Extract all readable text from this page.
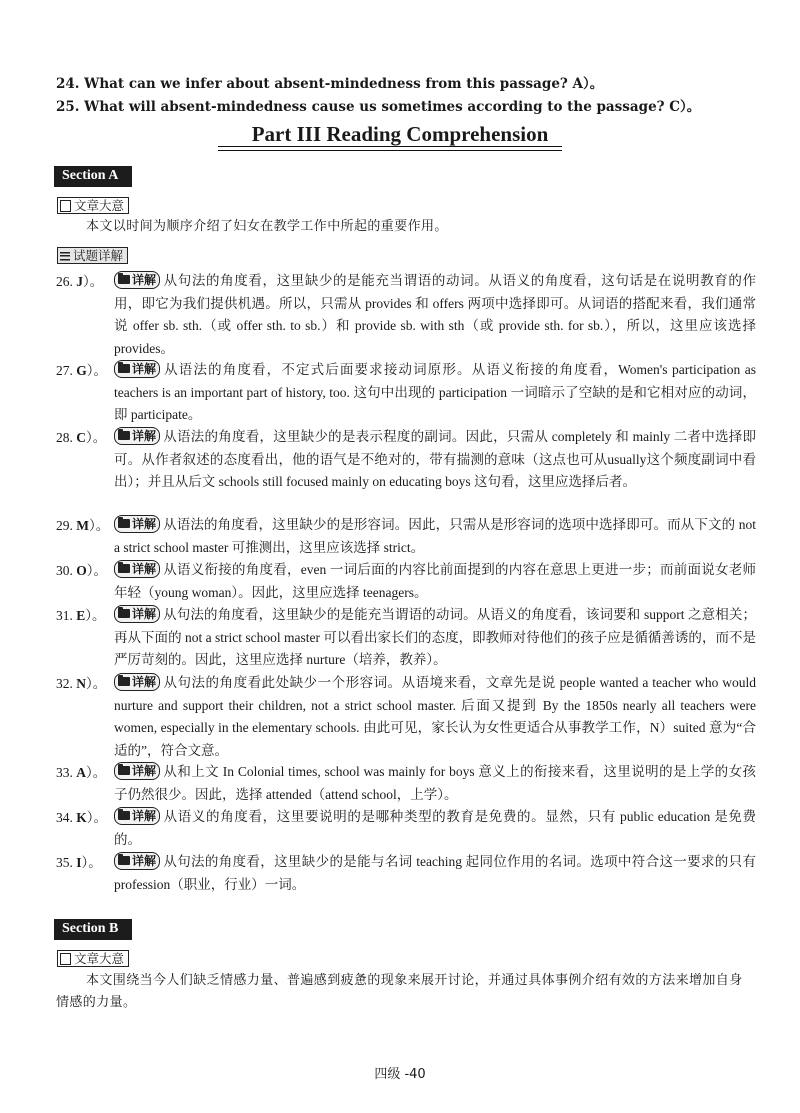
24. What can we infer about absent-mindedness from this passage? A）。
25. What will absent-mindedness cause us sometimes according to the passage? C）。
Part III Reading Comprehension
Section A
文章大意
本文以时间为顺序介绍了妇女在教学工作中所起的重要作用。
试题详解
26. J）。 详解 从句法的角度看，这里缺少的是能充当谓语的动词。从语义的角度看，这句话是在说明教育的作用，即它为我们提供机遇。所以，只需从 provides 和 offers 两项中选择即可。从词语的搭配来看，我们通常说 offer sb. sth.（或 offer sth. to sb.）和 provide sb. with sth（或 provide sth. for sb.），所以，这里应该选择 provides。
27. G）。 详解 从语法的角度看，不定式后面要求接动词原形。从语义衔接的角度看，Women's participation as teachers is an important part of history, too. 这句中出现的 participation 一词暗示了空缺的是和它相对应的动词，即 participate。
28. C）。 详解 从语法的角度看，这里缺少的是表示程度的副词。因此，只需从 completely 和 mainly 二者中选择即可。从作者叙述的态度看出，他的语气是不绝对的，带有揣测的意味（这点也可从usually这个频度副词中看出）；并且从后文 schools still focused mainly on educating boys 这句看，这里应选择后者。
29. M）。 详解 从语法的角度看，这里缺少的是形容词。因此，只需从是形容词的选项中选择即可。而从下文的 not a strict school master 可推测出，这里应该选择 strict。
30. O）。 详解 从语义衔接的角度看，even 一词后面的内容比前面提到的内容在意思上更进一步；而前面说女老师年轻（young woman）。因此，这里应选择 teenagers。
31. E）。 详解 从句法的角度看，这里缺少的是能充当谓语的动词。从语义的角度看，该词要和 support 之意相关；再从下面的 not a strict school master 可以看出家长们的态度，即教师对待他们的孩子应是循循善诱的，而不是严厉苛刻的。因此，这里应选择 nurture（培养，教养）。
32. N）。 详解 从句法的角度看此处缺少一个形容词。从语境来看，文章先是说 people wanted a teacher who would nurture and support their children, not a strict school master. 后面又提到 By the 1850s nearly all teachers were women, especially in the elementary schools. 由此可见，家长认为女性更适合从事教学工作，N）suited 意为“合适的”，符合文意。
33. A）。 详解 从和上文 In Colonial times, school was mainly for boys 意义上的衔接来看，这里说明的是上学的女孩子仍然很少。因此，选择 attended（attend school，上学）。
34. K）。 详解 从语义的角度看，这里要说明的是哪种类型的教育是免费的。显然，只有 public education 是免费的。
35. I）。	详解 从句法的角度看，这里缺少的是能与名词 teaching 起同位作用的名词。选项中符合这一要求的只有 profession（职业，行业）一词。
Section B
文章大意
本文围绕当今人们缺乏情感力量、普遍感到疲惫的现象来展开讨论，并通过具体事例介绍有效的方法来增加自身情感的力量。
四级 -40
